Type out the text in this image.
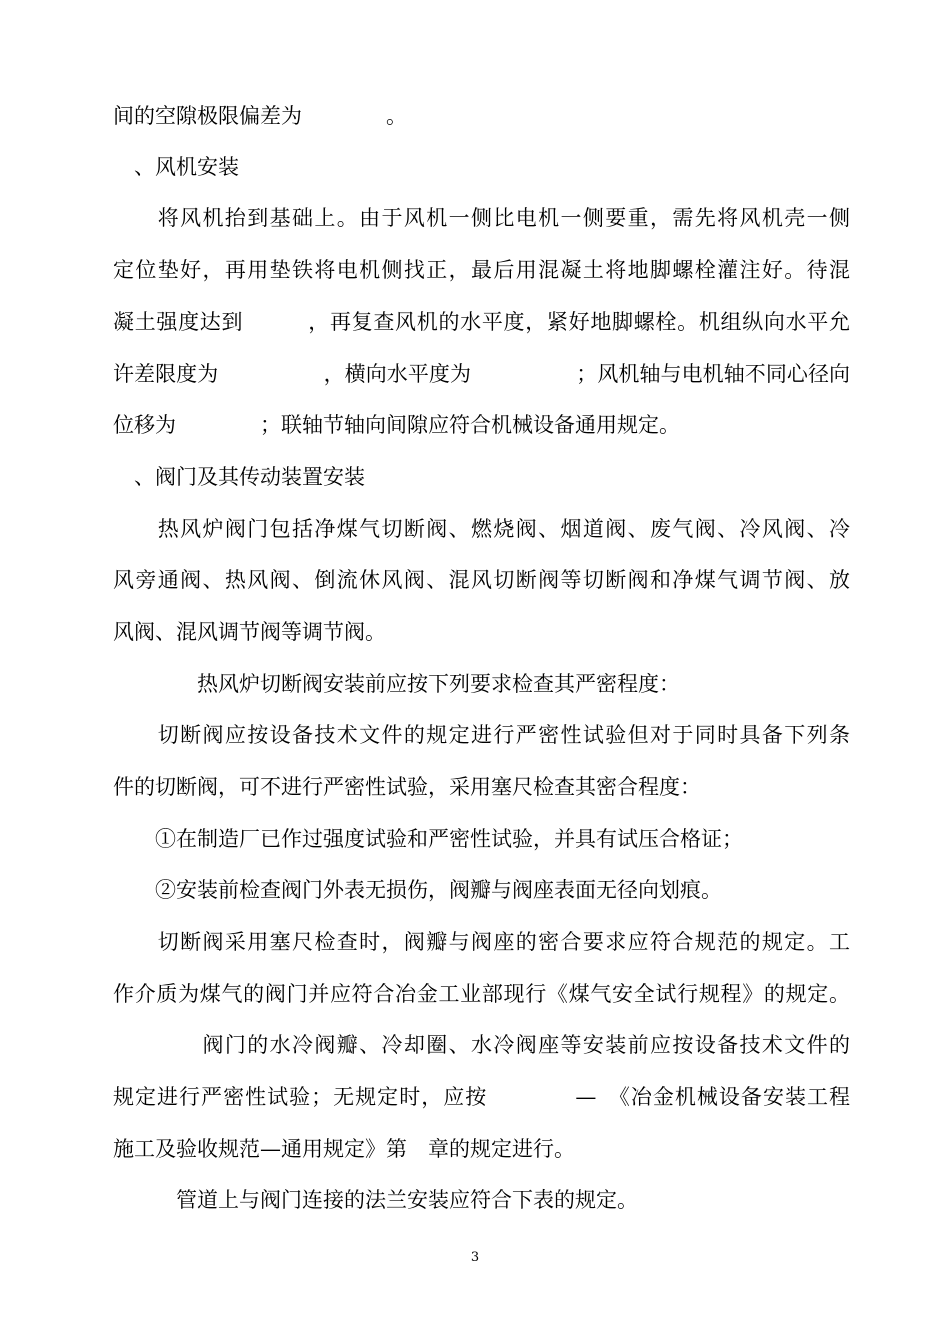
间的空隙极限偏差为　　　　。
　、风机安装
　　将风机抬到基础上。由于风机一侧比电机一侧要重，需先将风机壳一侧
定位垫好，再用垫铁将电机侧找正，最后用混凝土将地脚螺栓灌注好。待混
凝土强度达到　　　，再复查风机的水平度，紧好地脚螺栓。机组纵向水平允
许差限度为　　　　　，横向水平度为　　　　　；风机轴与电机轴不同心径向
位移为　　　　；联轴节轴向间隙应符合机械设备通用规定。
　、阀门及其传动装置安装
　　热风炉阀门包括净煤气切断阀、燃烧阀、烟道阀、废气阀、冷风阀、冷
风旁通阀、热风阀、倒流休风阀、混风切断阀等切断阀和净煤气调节阀、放
风阀、混风调节阀等调节阀。
　　　　热风炉切断阀安装前应按下列要求检查其严密程度：
　　切断阀应按设备技术文件的规定进行严密性试验但对于同时具备下列条
件的切断阀，可不进行严密性试验，采用塞尺检查其密合程度：
　　①在制造厂已作过强度试验和严密性试验，并具有试压合格证；
　　②安装前检查阀门外表无损伤，阀瓣与阀座表面无径向划痕。
　　切断阀采用塞尺检查时，阀瓣与阀座的密合要求应符合规范的规定。工
作介质为煤气的阀门并应符合冶金工业部现行《煤气安全试行规程》的规定。
　　　　阀门的水冷阀瓣、冷却圈、水冷阀座等安装前应按设备技术文件的
规定进行严密性试验；无规定时，应按　　　　—　《冶金机械设备安装工程
施工及验收规范—通用规定》第　章的规定进行。
　　　管道上与阀门连接的法兰安装应符合下表的规定。
3
